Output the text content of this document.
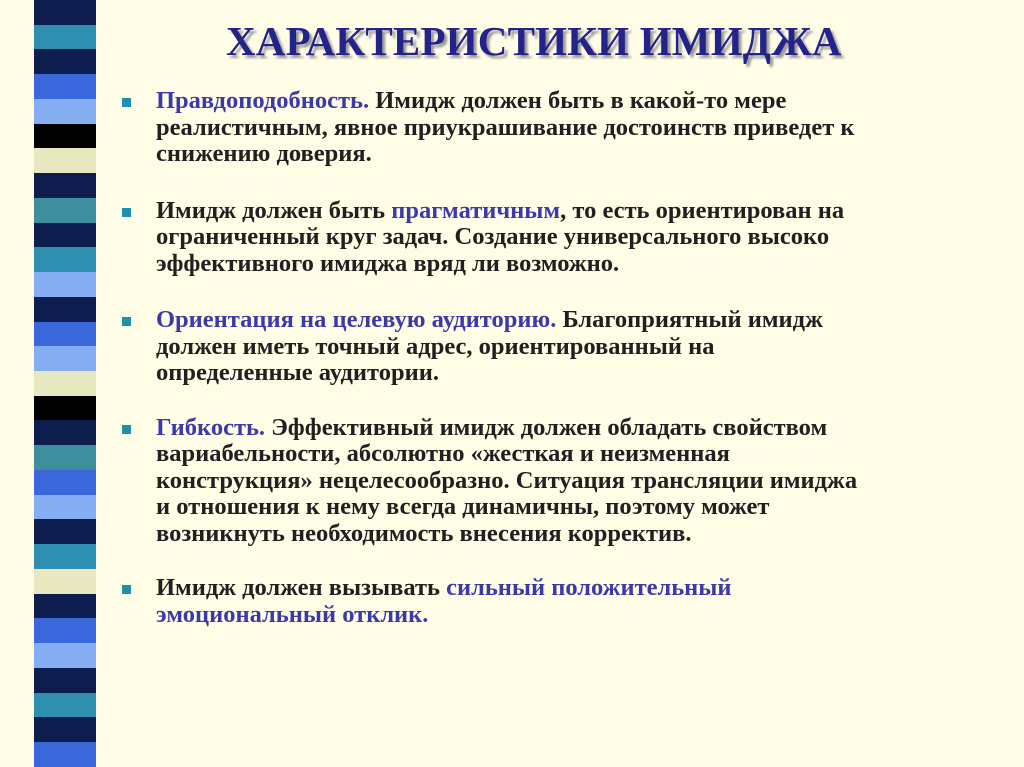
ХАРАКТЕРИСТИКИ ИМИДЖА
Правдоподобность. Имидж должен быть в какой-то мере
реалистичным, явное приукрашивание достоинств приведет к
снижению доверия.
Имидж должен быть прагматичным, то есть ориентирован на
ограниченный круг задач. Создание универсального высоко
эффективного имиджа вряд ли возможно.
Ориентация на целевую аудиторию. Благоприятный имидж
должен иметь точный адрес, ориентированный на
определенные аудитории.
Гибкость. Эффективный имидж должен обладать свойством
вариабельности, абсолютно «жесткая и неизменная
конструкция» нецелесообразно. Ситуация трансляции имиджа
и отношения к нему всегда динамичны, поэтому может
возникнуть необходимость внесения корректив.
Имидж должен вызывать сильный положительный
эмоциональный отклик.
